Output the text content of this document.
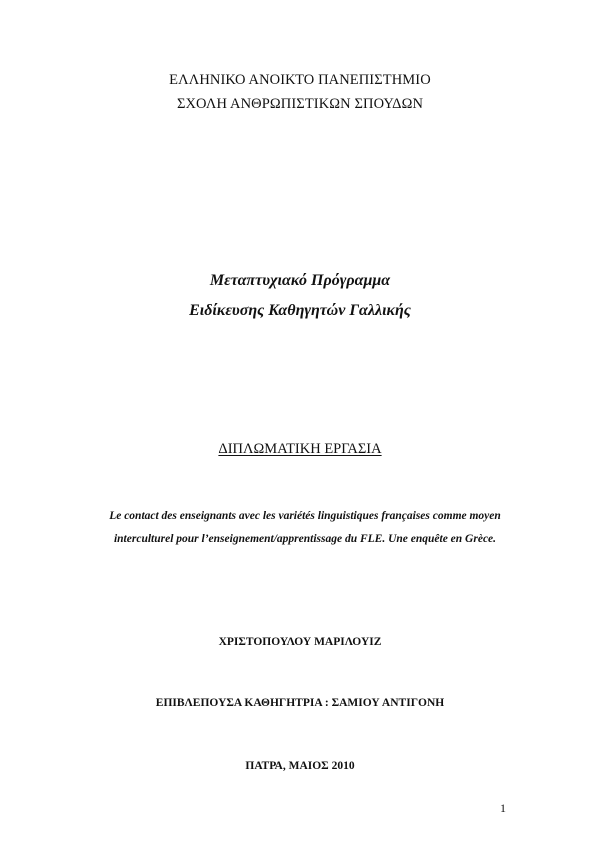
ΕΛΛΗΝΙΚΟ ΑΝΟΙΚΤΟ ΠΑΝΕΠΙΣΤΗΜΙΟ
ΣΧΟΛΗ ΑΝΘΡΩΠΙΣΤΙΚΩΝ ΣΠΟΥΔΩΝ
Μεταπτυχιακό Πρόγραμμα
Ειδίκευσης Καθηγητών Γαλλικής
ΔΙΠΛΩΜΑΤΙΚΗ ΕΡΓΑΣΙΑ
Le contact des enseignants avec les variétés linguistiques françaises comme moyen interculturel pour l’enseignement/apprentissage du FLE. Une enquête en Grèce.
ΧΡΙΣΤΟΠΟΥΛΟΥ ΜΑΡΙΛΟΥΙΖ
ΕΠΙΒΛΕΠΟΥΣΑ ΚΑΘΗΓΗΤΡΙΑ : ΣΑΜΙΟΥ ΑΝΤΙΓΟΝΗ
ΠΑΤΡΑ, ΜΑΙΟΣ 2010
1
